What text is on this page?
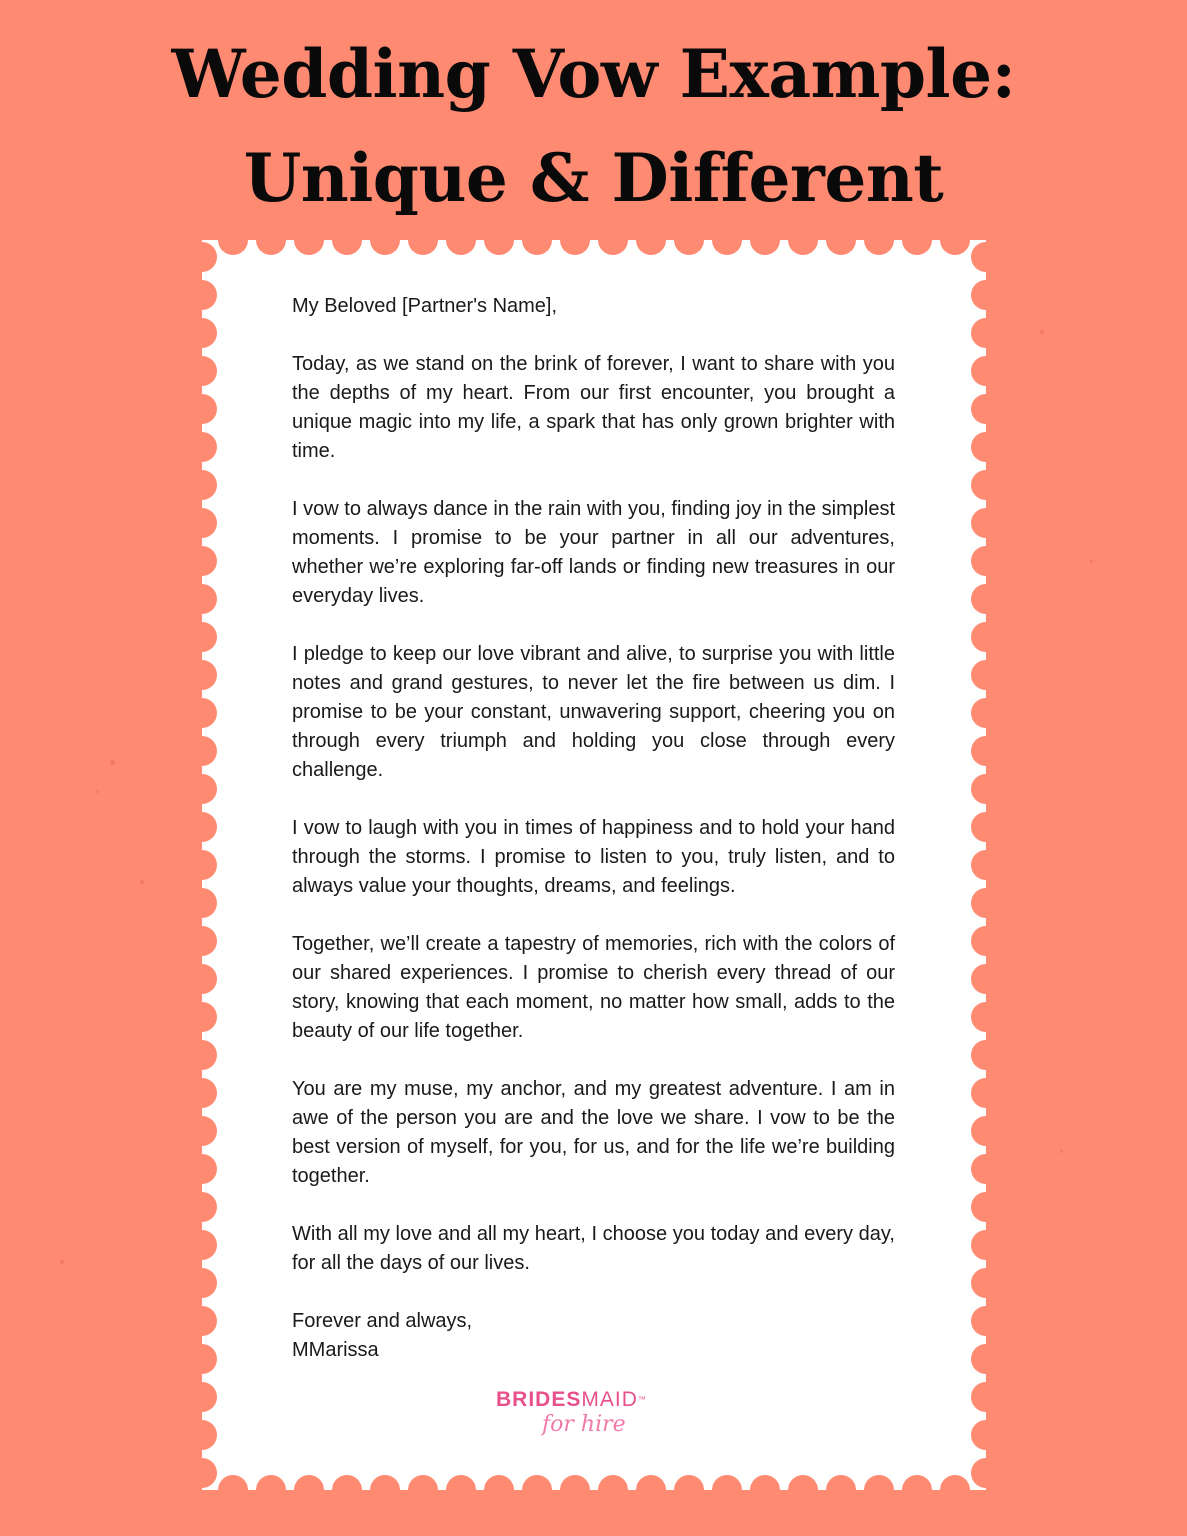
Wedding Vow Example:
Unique & Different

My Beloved [Partner's Name],

Today, as we stand on the brink of forever, I want to share with you the depths of my heart. From our first encounter, you brought a unique magic into my life, a spark that has only grown brighter with time.

I vow to always dance in the rain with you, finding joy in the simplest moments. I promise to be your partner in all our adventures, whether we’re exploring far-off lands or finding new treasures in our everyday lives.

I pledge to keep our love vibrant and alive, to surprise you with little notes and grand gestures, to never let the fire between us dim. I promise to be your constant, unwavering support, cheering you on through every triumph and holding you close through every challenge.

I vow to laugh with you in times of happiness and to hold your hand through the storms. I promise to listen to you, truly listen, and to always value your thoughts, dreams, and feelings.

Together, we’ll create a tapestry of memories, rich with the colors of our shared experiences. I promise to cherish every thread of our story, knowing that each moment, no matter how small, adds to the beauty of our life together.

You are my muse, my anchor, and my greatest adventure. I am in awe of the person you are and the love we share. I vow to be the best version of myself, for you, for us, and for the life we’re building together.

With all my love and all my heart, I choose you today and every day, for all the days of our lives.

Forever and always,
MMarissa

BRIDESMAID™
for hire
